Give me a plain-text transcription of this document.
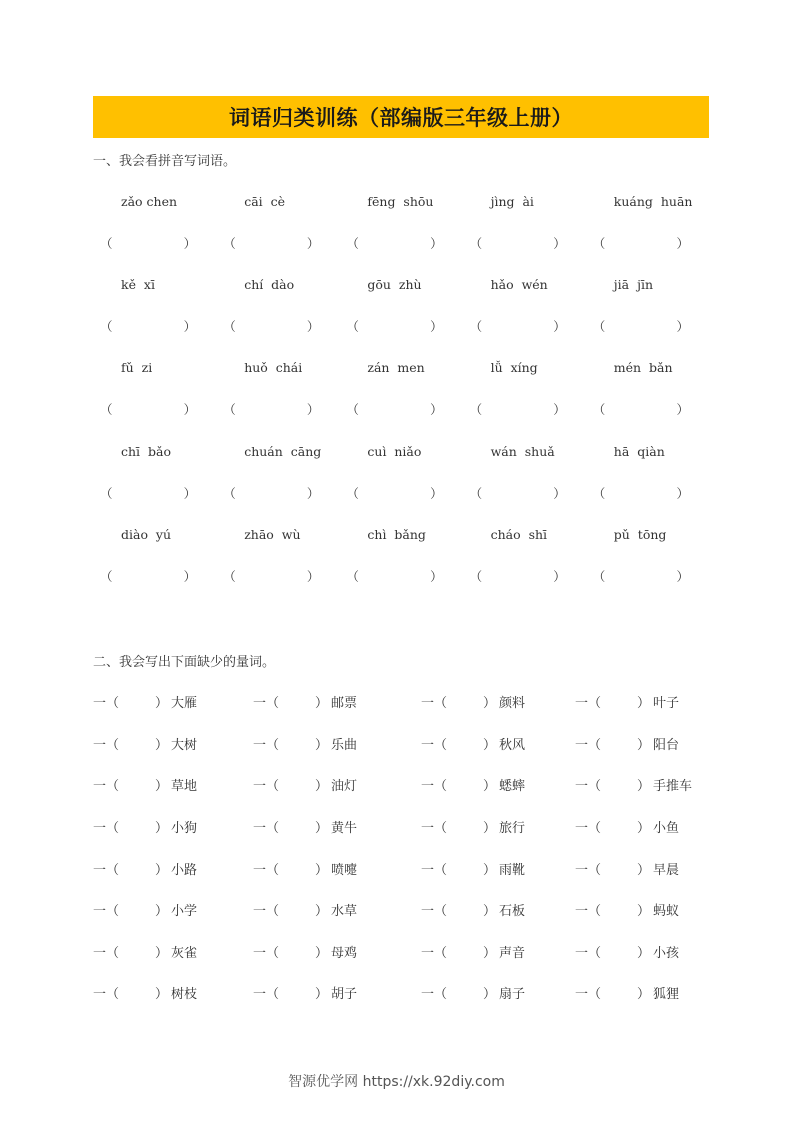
词语归类训练（部编版三年级上册）
一、我会看拼音写词语。
zǎo chen	cāi  cè	fēng  shōu	jìng  ài	kuáng  huān
（	） （	） （	） （	） （	）
kě  xī	chí  dào	gōu  zhù	hǎo  wén	jiā  jīn
（	） （	） （	） （	） （	）
fǔ  zi	huǒ  chái	zán  men	lǚ  xíng	mén  bǎn
（	） （	） （	） （	） （	）
chī  bǎo	chuán  cāng	cuì  niǎo	wán  shuǎ	hā  qiàn
（	） （	） （	） （	） （	）
diào  yú	zhāo  wù	chì  bǎng	cháo  shī	pǔ  tōng
（	） （	） （	） （	） （	）
二、我会写出下面缺少的量词。
一（	） 大雁	一（	） 邮票	一（	） 颜料	一（	） 叶子
一（	） 大树	一（	） 乐曲	一（	） 秋风	一（	） 阳台
一（	） 草地	一（	） 油灯	一（	） 蟋蟀	一（	） 手推车
一（	） 小狗	一（	） 黄牛	一（	） 旅行	一（	） 小鱼
一（	） 小路	一（	） 喷嚏	一（	） 雨靴	一（	） 早晨
一（	） 小学	一（	） 水草	一（	） 石板	一（	） 蚂蚁
一（	） 灰雀	一（	） 母鸡	一（	） 声音	一（	） 小孩
一（	） 树枝	一（	） 胡子	一（	） 扇子	一（	） 狐狸
智源优学网 https://xk.92diy.com
